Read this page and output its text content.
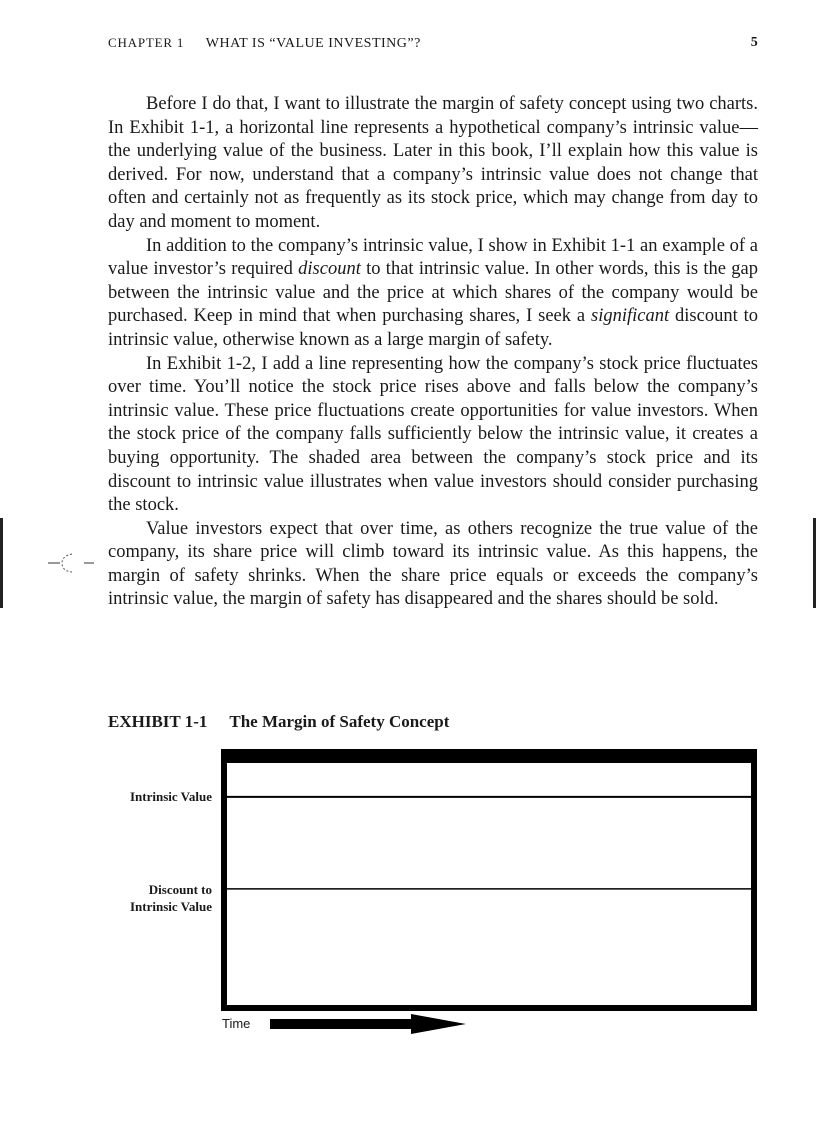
CHAPTER 1 WHAT IS “VALUE INVESTING”?	5

Before I do that, I want to illustrate the margin of safety concept using two charts. In Exhibit 1-1, a horizontal line represents a hypothetical company’s intrinsic value—the underlying value of the business. Later in this book, I’ll explain how this value is derived. For now, understand that a company’s intrinsic value does not change that often and certainly not as frequently as its stock price, which may change from day to day and moment to moment.

In addition to the company’s intrinsic value, I show in Exhibit 1-1 an example of a value investor’s required discount to that intrinsic value. In other words, this is the gap between the intrinsic value and the price at which shares of the company would be purchased. Keep in mind that when purchasing shares, I seek a significant discount to intrinsic value, otherwise known as a large margin of safety.

In Exhibit 1-2, I add a line representing how the company’s stock price fluctuates over time. You’ll notice the stock price rises above and falls below the company’s intrinsic value. These price fluctuations create opportunities for value investors. When the stock price of the company falls sufficiently below the intrinsic value, it creates a buying opportunity. The shaded area between the company’s stock price and its discount to intrinsic value illustrates when value investors should consider purchasing the stock.

Value investors expect that over time, as others recognize the true value of the company, its share price will climb toward its intrinsic value. As this happens, the margin of safety shrinks. When the share price equals or exceeds the company’s intrinsic value, the margin of safety has disappeared and the shares should be sold.

EXHIBIT 1-1 The Margin of Safety Concept
Intrinsic Value
Discount to
Intrinsic Value
Time
